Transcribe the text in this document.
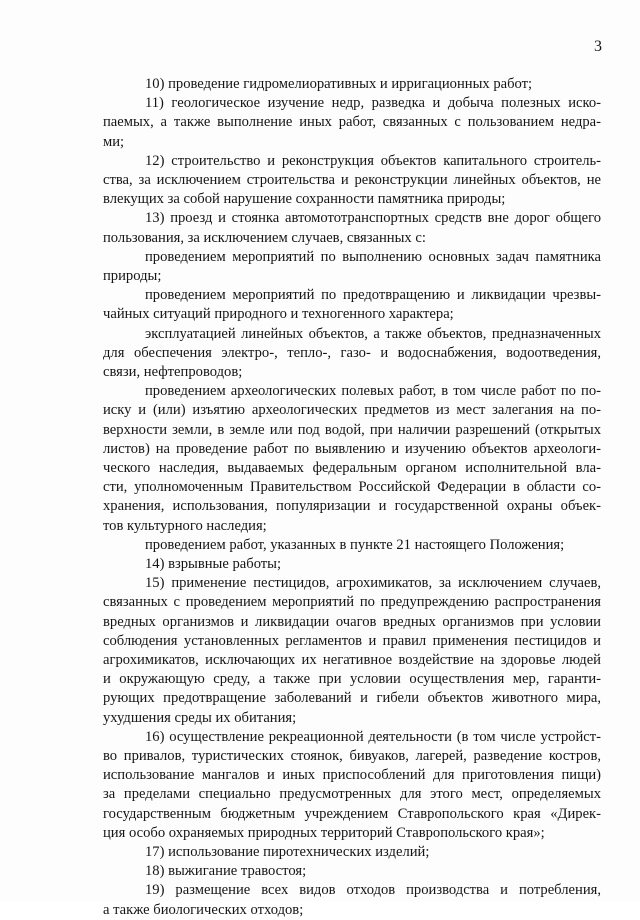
3
10) проведение гидромелиоративных и ирригационных работ;
11) геологическое изучение недр, разведка и добыча полезных иско-
паемых, а также выполнение иных работ, связанных с пользованием недра-
ми;
12) строительство и реконструкция объектов капитального строитель-
ства, за исключением строительства и реконструкции линейных объектов, не
влекущих за собой нарушение сохранности памятника природы;
13) проезд и стоянка автомототранспортных средств вне дорог общего
пользования, за исключением случаев, связанных с:
проведением мероприятий по выполнению основных задач памятника
природы;
проведением мероприятий по предотвращению и ликвидации чрезвы-
чайных ситуаций природного и техногенного характера;
эксплуатацией линейных объектов, а также объектов, предназначенных
для обеспечения электро-, тепло-, газо- и водоснабжения, водоотведения,
связи, нефтепроводов;
проведением археологических полевых работ, в том числе работ по по-
иску и (или) изъятию археологических предметов из мест залегания на по-
верхности земли, в земле или под водой, при наличии разрешений (открытых
листов) на проведение работ по выявлению и изучению объектов археологи-
ческого наследия, выдаваемых федеральным органом исполнительной вла-
сти, уполномоченным Правительством Российской Федерации в области со-
хранения, использования, популяризации и государственной охраны объек-
тов культурного наследия;
проведением работ, указанных в пункте 21 настоящего Положения;
14) взрывные работы;
15) применение пестицидов, агрохимикатов, за исключением случаев,
связанных с проведением мероприятий по предупреждению распространения
вредных организмов и ликвидации очагов вредных организмов при условии
соблюдения установленных регламентов и правил применения пестицидов и
агрохимикатов, исключающих их негативное воздействие на здоровье людей
и окружающую среду, а также при условии осуществления мер, гаранти-
рующих предотвращение заболеваний и гибели объектов животного мира,
ухудшения среды их обитания;
16) осуществление рекреационной деятельности (в том числе устройст-
во привалов, туристических стоянок, бивуаков, лагерей, разведение костров,
использование мангалов и иных приспособлений для приготовления пищи)
за пределами специально предусмотренных для этого мест, определяемых
государственным бюджетным учреждением Ставропольского края «Дирек-
ция особо охраняемых природных территорий Ставропольского края»;
17) использование пиротехнических изделий;
18) выжигание травостоя;
19) размещение всех видов отходов производства и потребления,
а также биологических отходов;
